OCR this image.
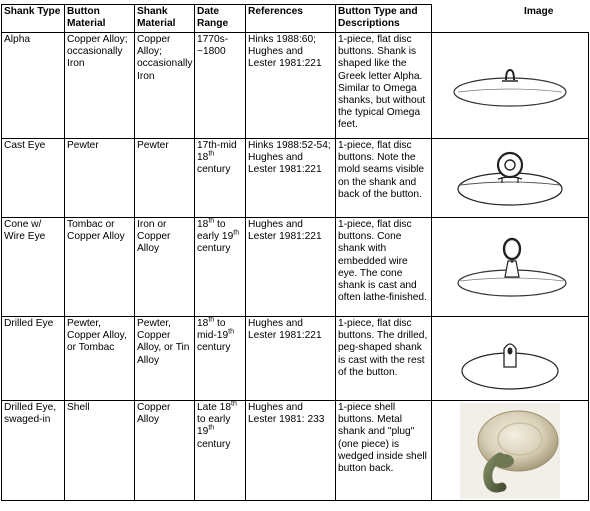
Shank Type	Button Material	Shank Material	Date Range	References	Button Type and Descriptions	Image
Alpha	Copper Alloy; occasionally Iron	Copper Alloy; occasionally Iron	1770s-~1800	Hinks 1988:60; Hughes and Lester 1981:221	1-piece, flat disc buttons. Shank is shaped like the Greek letter Alpha. Similar to Omega shanks, but without the typical Omega feet.	

Cast Eye	Pewter	Pewter	17th-mid 18th century	Hinks 1988:52-54; Hughes and Lester 1981:221	1-piece, flat disc buttons. Note the mold seams visible on the shank and back of the button.	

Cone w/ Wire Eye	Tombac or Copper Alloy	Iron or Copper Alloy	18th to early 19th century	Hughes and Lester 1981:221	1-piece, flat disc buttons. Cone shank with embedded wire eye. The cone shank is cast and often lathe-finished.	

Drilled Eye	Pewter, Copper Alloy, or Tombac	Pewter, Copper Alloy, or Tin Alloy	18th to mid-19th century	Hughes and Lester 1981:221	1-piece, flat disc buttons. The drilled, peg-shaped shank is cast with the rest of the button.	

Drilled Eye, swaged-in	Shell	Copper Alloy	Late 18th to early 19th century	Hughes and Lester 1981: 233	1-piece shell buttons. Metal shank and "plug" (one piece) is wedged inside shell button back.	
